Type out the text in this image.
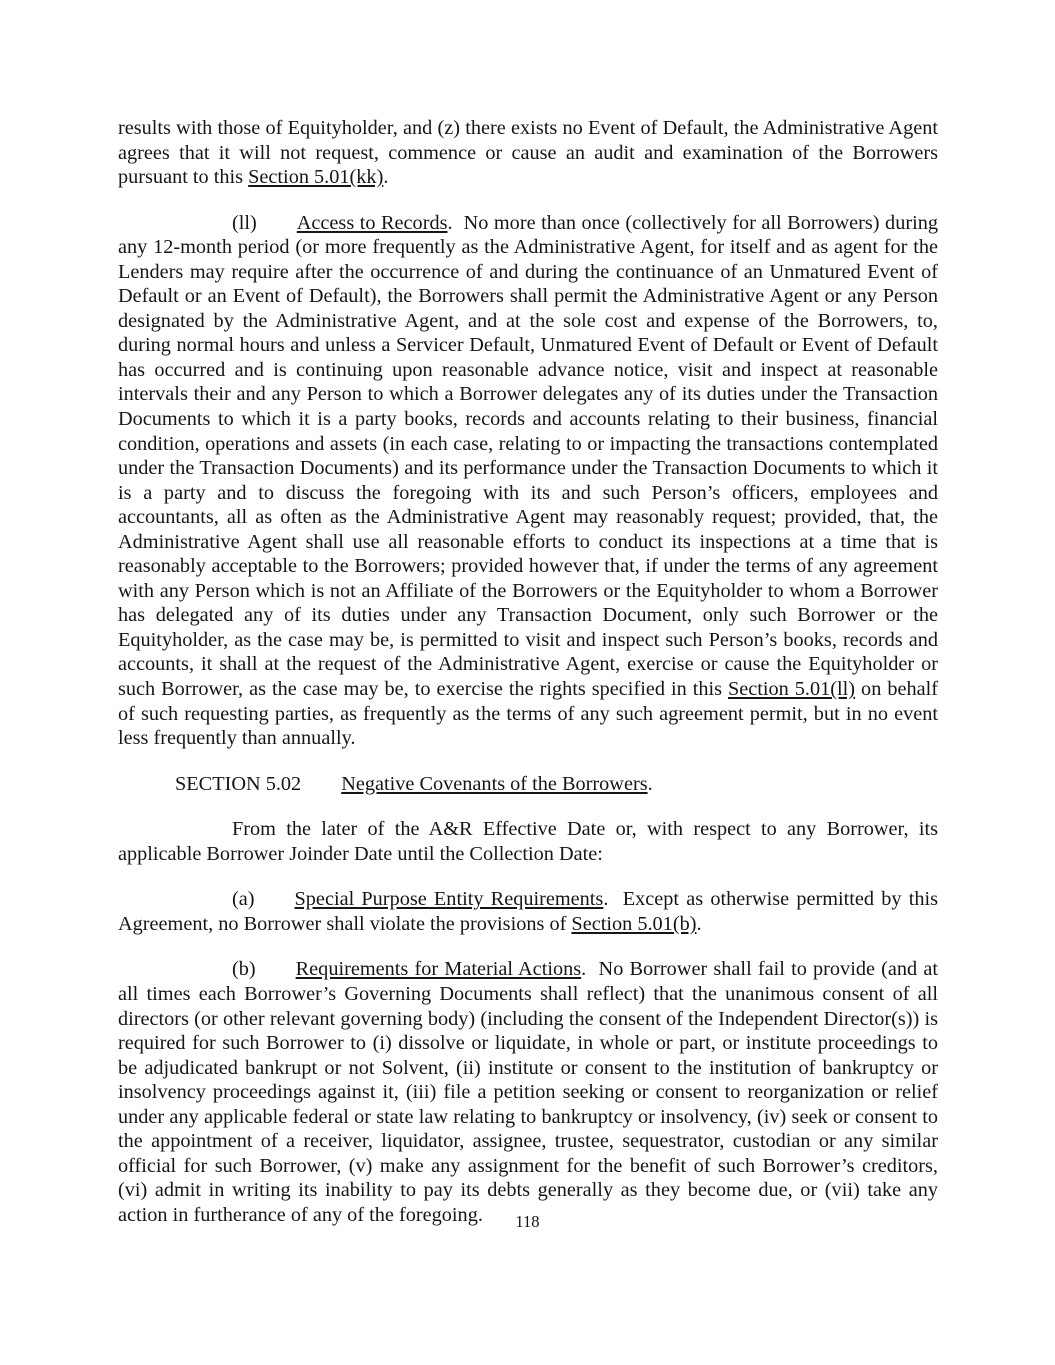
results with those of Equityholder, and (z) there exists no Event of Default, the Administrative Agent agrees that it will not request, commence or cause an audit and examination of the Borrowers pursuant to this Section 5.01(kk).

(ll) Access to Records.  No more than once (collectively for all Borrowers) during any 12-month period (or more frequently as the Administrative Agent, for itself and as agent for the Lenders may require after the occurrence of and during the continuance of an Unmatured Event of Default or an Event of Default), the Borrowers shall permit the Administrative Agent or any Person designated by the Administrative Agent, and at the sole cost and expense of the Borrowers, to, during normal hours and unless a Servicer Default, Unmatured Event of Default or Event of Default has occurred and is continuing upon reasonable advance notice, visit and inspect at reasonable intervals their and any Person to which a Borrower delegates any of its duties under the Transaction Documents to which it is a party books, records and accounts relating to their business, financial condition, operations and assets (in each case, relating to or impacting the transactions contemplated under the Transaction Documents) and its performance under the Transaction Documents to which it is a party and to discuss the foregoing with its and such Person’s officers, employees and accountants, all as often as the Administrative Agent may reasonably request; provided, that, the Administrative Agent shall use all reasonable efforts to conduct its inspections at a time that is reasonably acceptable to the Borrowers; provided however that, if under the terms of any agreement with any Person which is not an Affiliate of the Borrowers or the Equityholder to whom a Borrower has delegated any of its duties under any Transaction Document, only such Borrower or the Equityholder, as the case may be, is permitted to visit and inspect such Person’s books, records and accounts, it shall at the request of the Administrative Agent, exercise or cause the Equityholder or such Borrower, as the case may be, to exercise the rights specified in this Section 5.01(ll) on behalf of such requesting parties, as frequently as the terms of any such agreement permit, but in no event less frequently than annually.

SECTION 5.02 Negative Covenants of the Borrowers.

From the later of the A&R Effective Date or, with respect to any Borrower, its applicable Borrower Joinder Date until the Collection Date:

(a) Special Purpose Entity Requirements.  Except as otherwise permitted by this Agreement, no Borrower shall violate the provisions of Section 5.01(b).

(b) Requirements for Material Actions.  No Borrower shall fail to provide (and at all times each Borrower’s Governing Documents shall reflect) that the unanimous consent of all directors (or other relevant governing body) (including the consent of the Independent Director(s)) is required for such Borrower to (i) dissolve or liquidate, in whole or part, or institute proceedings to be adjudicated bankrupt or not Solvent, (ii) institute or consent to the institution of bankruptcy or insolvency proceedings against it, (iii) file a petition seeking or consent to reorganization or relief under any applicable federal or state law relating to bankruptcy or insolvency, (iv) seek or consent to the appointment of a receiver, liquidator, assignee, trustee, sequestrator, custodian or any similar official for such Borrower, (v) make any assignment for the benefit of such Borrower’s creditors, (vi) admit in writing its inability to pay its debts generally as they become due, or (vii) take any action in furtherance of any of the foregoing.	118
